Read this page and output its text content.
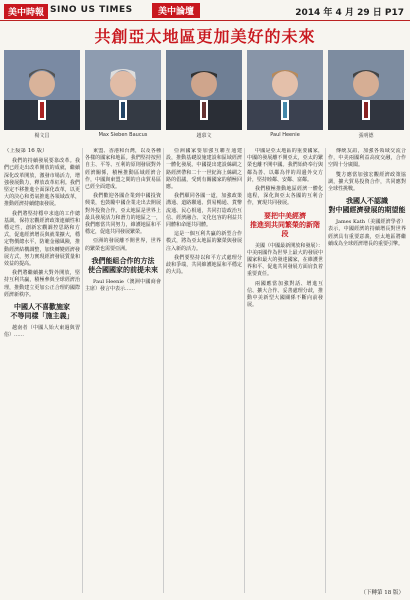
美中時報 SINO US TIMES	美中論壇	2014 年 4 月 29 日 P17
共創亞太地區更加美好的未來
楊文昌	Max Sieben Baucus	趙慕文	Paul Heenie	張明德
（上接第 16 版）

我們的持續發展要靠改革。我們已經走出改革開放的成就，繼續深化改革開放，激發市場活力，增強發展動力，釋放改革紅利。我們堅定不移推進全面深化改革，以更大的決心和勇氣推進各領域改革，推動經濟持續健康發展。

我們將堅持穩中求進的工作總基調，保持宏觀經濟政策連續性和穩定性，創新宏觀調控思路和方式，促進經濟增長與就業擴大，穩定物價總水平，防範金融風險，推動經濟結構調整，加快轉變經濟發展方式，努力實現經濟發展質量和效益的提高。

我們將繼續擴大對外開放，堅持互利共贏，積極參與全球經濟治理，推動建立更加公正合理的國際經濟新秩序。

中國人不喜歡施家
不等同樣「施主義」

越南者（中國人始大東過與習俗）……

東盟、香港和台灣，以及各種各樣的國家和地區。我們堅持按照自主、平等、互利的原則發展對外經濟關係，積極推動區域經濟合作，中國與東盟之間的自由貿易區已經全面建成。

我們歡迎各國企業到中國投資興業，也鼓勵中國企業走出去開展對外投資合作。亞太地區是世界上最具發展活力和潛力的地區之一，我們應當共同努力，維護地區和平穩定，促進共同發展繁榮。

亞洲的發展離不開世界，世界的繁榮也需要亞洲。

我們能組合作的方法
使合國國家的前提未來

Paul Heenie（澳洲中國商會主席）發言中表示……

亞洲國家要加強互聯互通建設，推動基礎設施建設和區域經濟一體化發展。中國提出建設絲綢之路經濟帶和二十一世紀海上絲綢之路的倡議，受到有關國家的積極回應。

我們願同各國一道，加強政策溝通、道路聯通、貿易暢通、貨幣流通、民心相通，共同打造政治互信、經濟融合、文化包容的利益共同體和命運共同體。

這是一個互利共贏的新型合作模式，將為亞太地區的繁榮與發展注入新的活力。

我們要堅持以和平方式處理分歧和爭端，共同維護地區和平穩定的大局。

中國是亞太地區的重要國家，中國的發展離不開亞太，亞太的繁榮也離不開中國。我們始終奉行與鄰為善、以鄰為伴的周邊外交方針，堅持睦鄰、安鄰、富鄰。

我們積極推動地區經濟一體化進程，深化與亞太各國的互利合作，實現共同發展。

要把中美經濟
推進到共同繁榮的新階段

美國（中國最新開放和發展）：中美兩國作為世界上最大的發展中國家和最大的發達國家，在維護世界和平、促進共同發展方面肩負着重要責任。

兩國應當加強對話、增進互信、擴大合作、妥善處理分歧，推動中美新型大國關係不斷向前發展。

傳統友誼，加強各領域交流合作，中美兩國利益高度交融，合作空間十分廣闊。

雙方應當加強宏觀經濟政策協調，擴大貿易投資合作，共同應對全球性挑戰。

我國人不認識
對中國經濟發展的期望能

James Kath（美國經濟學者）表示，中國經濟的持續增長對世界經濟具有重要意義，亞太地區將繼續成為全球經濟增長的重要引擎。

（下轉第 18 版）
